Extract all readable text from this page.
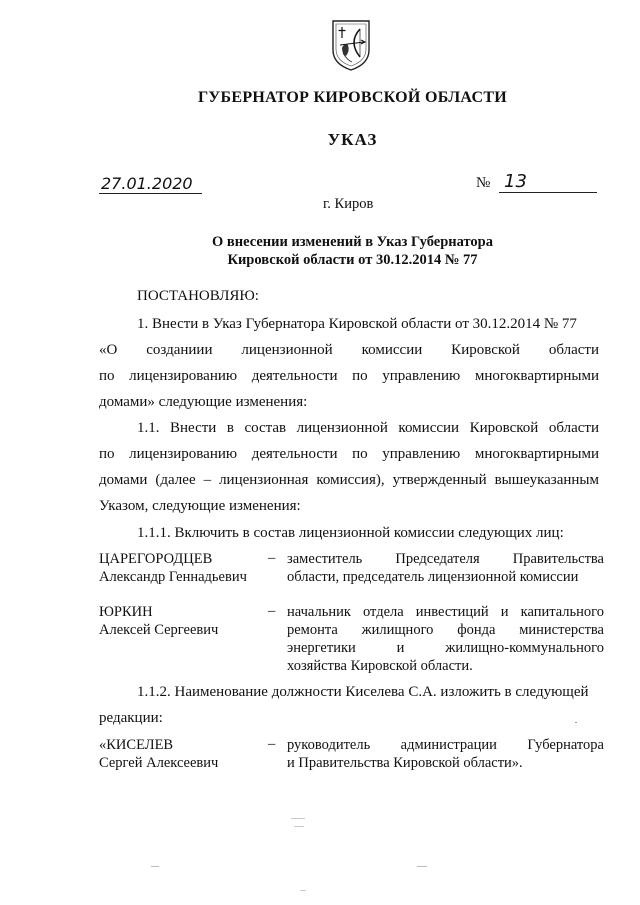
ГУБЕРНАТОР КИРОВСКОЙ ОБЛАСТИ
УКАЗ
27.01.2020	№ 13
г. Киров
О внесении изменений в Указ Губернатора
Кировской области от 30.12.2014 № 77
ПОСТАНОВЛЯЮ:
1. Внести в Указ Губернатора Кировской области от 30.12.2014 № 77
«О созданиии лицензионной комиссии Кировской области
по лицензированию деятельности по управлению многоквартирными
домами» следующие изменения:
1.1. Внести в состав лицензионной комиссии Кировской области
по лицензированию деятельности по управлению многоквартирными
домами (далее – лицензионная комиссия), утвержденный вышеуказанным
Указом, следующие изменения:
1.1.1. Включить в состав лицензионной комиссии следующих лиц:
ЦАРЕГОРОДЦЕВ
Александр Геннадьевич
– заместитель Председателя Правительства
области, председатель лицензионной комиссии
ЮРКИН
Алексей Сергеевич
– начальник отдела инвестиций и капитального
ремонта жилищного фонда министерства
энергетики и жилищно-коммунального
хозяйства Кировской области.
1.1.2. Наименование должности Киселева С.А. изложить в следующей
редакции:
«КИСЕЛЕВ
Сергей Алексеевич
– руководитель администрации Губернатора
и Правительства Кировской области».
